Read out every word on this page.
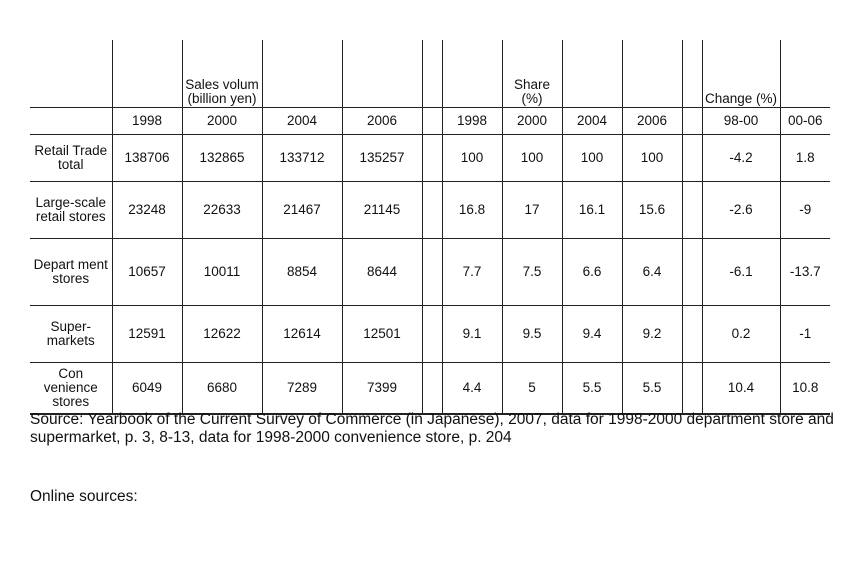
		Sales volum (billion yen)					Share (%)				Change (%)	
	1998	2000	2004	2006		1998	2000	2004	2006		98-00	00-06
Retail Trade total	138706	132865	133712	135257		100	100	100	100		-4.2	1.8
Large-scale retail stores	23248	22633	21467	21145		16.8	17	16.1	15.6		-2.6	-9
Depart ment stores	10657	10011	8854	8644		7.7	7.5	6.6	6.4		-6.1	-13.7
Super-markets	12591	12622	12614	12501		9.1	9.5	9.4	9.2		0.2	-1
Con venience stores	6049	6680	7289	7399		4.4	5	5.5	5.5		10.4	10.8
Source: Yearbook of the Current Survey of Commerce (in Japanese), 2007, data for 1998-2000 department store and supermarket, p. 3, 8-13, data for 1998-2000 convenience store, p. 204
Online sources:
